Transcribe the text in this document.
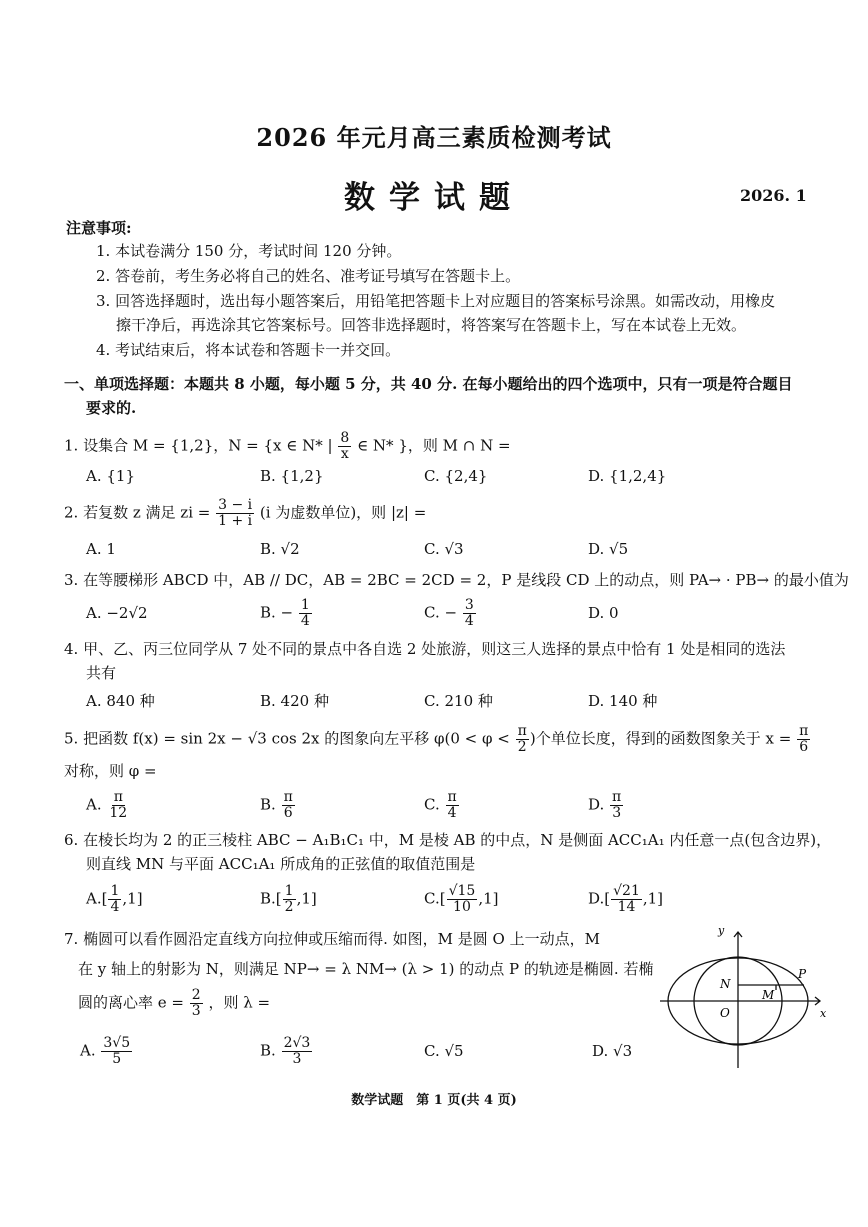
2026 年元月高三素质检测考试
数学试题	2026. 1
注意事项:
1. 本试卷满分 150 分，考试时间 120 分钟。
2. 答卷前，考生务必将自己的姓名、准考证号填写在答题卡上。
3. 回答选择题时，选出每小题答案后，用铅笔把答题卡上对应题目的答案标号涂黑。如需改动，用橡皮
擦干净后，再选涂其它答案标号。回答非选择题时，将答案写在答题卡上，写在本试卷上无效。
4. 考试结束后，将本试卷和答题卡一并交回。
一、单项选择题：本题共 8 小题，每小题 5 分，共 40 分. 在每小题给出的四个选项中，只有一项是符合题目
要求的.
1. 设集合 M = {1,2}，N = {x ∈ N* | $\frac{8}{x}$ ∈ N* }，则 M ∩ N =
A. {1}	B. {1,2}	C. {2,4}	D. {1,2,4}
2. 若复数 z 满足 zi = $\frac{3 - i}{1 + i} (i$ 为虚数单位)，则 |z| =
A. 1	B. √2	C. √3	D. √5
3. 在等腰梯形 ABCD 中，AB // DC，AB = 2BC = 2CD = 2，P 是线段 CD 上的动点，则 PA→ · PB→ 的最小值为
A. −2√2	B. − $\frac{1}{4}$	C. − $\frac{3}{4}$	D. 0
4. 甲、乙、丙三位同学从 7 处不同的景点中各自选 2 处旅游，则这三人选择的景点中恰有 1 处是相同的选法
共有
A. 840 种	B. 420 种	C. 210 种	D. 140 种
5. 把函数 f(x) = sin 2x − √3 cos 2x 的图象向左平移 $\varphi(0 < \varphi < \frac{\pi}{2}$ )个单位长度，得到的函数图象关于 $x = \frac{\pi}{6}$
对称，则 φ =
A. $\frac{\pi}{12}$	B. $\frac{\pi}{6}$	C. $\frac{\pi}{4}$	D. $\frac{\pi}{3}$
6. 在棱长均为 2 的正三棱柱 ABC − A₁B₁C₁ 中，M 是棱 AB 的中点，N 是侧面 ACC₁A₁ 内任意一点(包含边界)，
则直线 MN 与平面 ACC₁A₁ 所成角的正弦值的取值范围是
$A.[ \frac{1}{4} ,1]$	$B.[ \frac{1}{2} ,1]$	$C.[ \frac{√15}{10} ,1]$	$D.[ \frac{√21}{14} ,1]$
7. 椭圆可以看作圆沿定直线方向拉伸或压缩而得. 如图，M 是圆 O 上一动点，M
在 y 轴上的射影为 N，则满足 NP→ = λ NM→ (λ > 1) 的动点 P 的轨迹是椭圆. 若椭
圆的离心率 $e = \frac{2}{3}$ ，则 λ =
A. $\frac{3√5}{5}$	B. $\frac{2√3}{3}$	C. √5	D. √3
y
x
N
M
P
O
数学试题　第 1 页(共 4 页)
